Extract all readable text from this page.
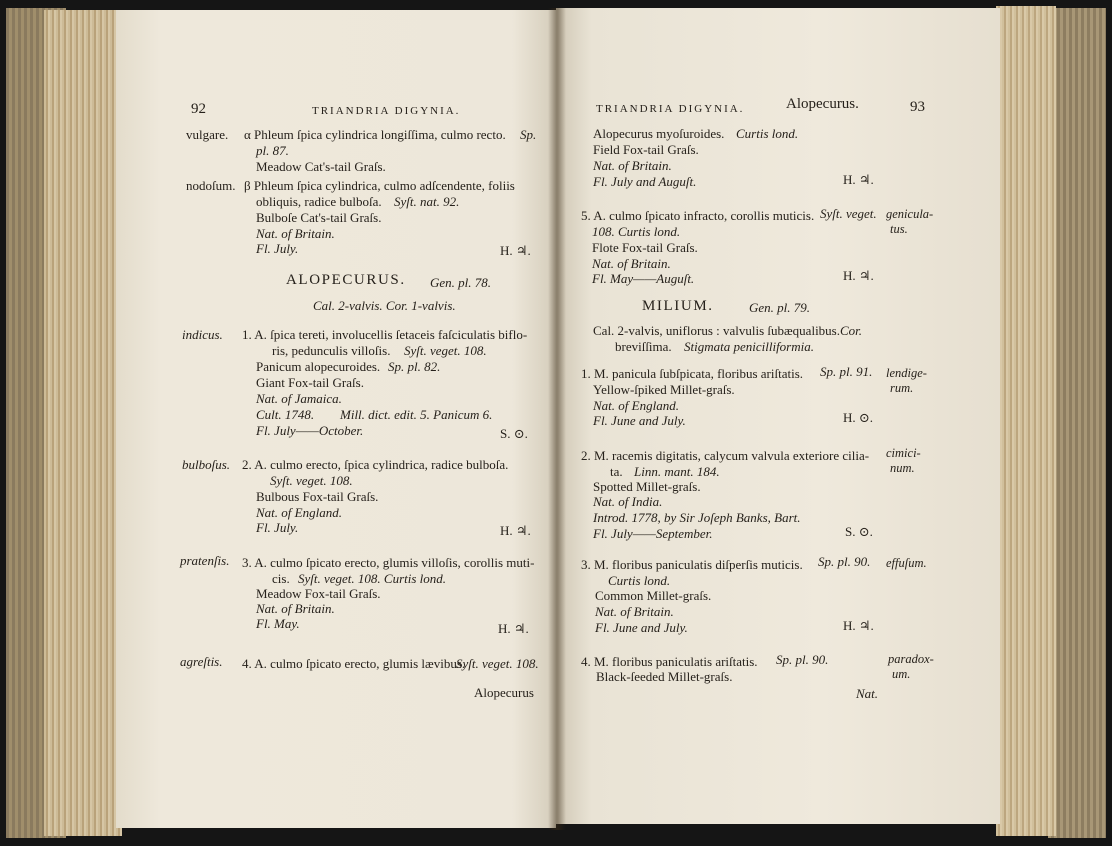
92	TRIANDRIA DIGYNIA.
vulgare. α Phleum ſpica cylindrica longiſſima, culmo recto. Sp.
pl. 87.
Meadow Cat's-tail Graſs.
nodoſum. β Phleum ſpica cylindrica, culmo adſcendente, foliis
obliquis, radice bulboſa. Syſt. nat. 92.
Bulboſe Cat's-tail Graſs.
Nat. of Britain.
Fl. July.	H. ♃.
ALOPECURUS. Gen. pl. 78.
Cal. 2-valvis. Cor. 1-valvis.
indicus. 1. A. ſpica tereti, involucellis ſetaceis faſciculatis biflo-
ris, pedunculis villoſis. Syſt. veget. 108.
Panicum alopecuroides. Sp. pl. 82.
Giant Fox-tail Graſs.
Nat. of Jamaica.
Cult. 1748. Mill. dict. edit. 5. Panicum 6.
Fl. July——October.	S. ⊙.
bulboſus. 2. A. culmo erecto, ſpica cylindrica, radice bulboſa.
Syſt. veget. 108.
Bulbous Fox-tail Graſs.
Nat. of England.
Fl. July.	H. ♃.
pratenſis. 3. A. culmo ſpicato erecto, glumis villoſis, corollis muti-
cis. Syſt. veget. 108. Curtis lond.
Meadow Fox-tail Graſs.
Nat. of Britain.
Fl. May.	H. ♃.
agreſtis. 4. A. culmo ſpicato erecto, glumis lævibus.
Syſt. veget. 108.
Alopecurus
TRIANDRIA DIGYNIA.	Alopecurus.	93
Alopecurus myoſuroides. Curtis lond.
Field Fox-tail Graſs.
Nat. of Britain.
Fl. July and Auguſt.	H. ♃.
5. A. culmo ſpicato infracto, corollis muticis. Syſt. veget.
108. Curtis lond.
Flote Fox-tail Graſs.
Nat. of Britain.
Fl. May——Auguſt.	H. ♃.
genicula-
tus.
MILIUM.	Gen. pl. 79.
Cal. 2-valvis, uniflorus : valvulis ſubæqualibus. Cor.
breviſſima. Stigmata penicilliformia.
1. M. panicula ſubſpicata, floribus ariſtatis. Sp. pl. 91.
Yellow-ſpiked Millet-graſs.
Nat. of England.
Fl. June and July.	H. ⊙.
lendige-
rum.
2. M. racemis digitatis, calycum valvula exteriore cilia-
ta. Linn. mant. 184.
Spotted Millet-graſs.
Nat. of India.
Introd. 1778, by Sir Joſeph Banks, Bart.
Fl. July——September.	S. ⊙.
cimici-
num.
3. M. floribus paniculatis diſperſis muticis. Sp. pl. 90.
Curtis lond.
Common Millet-graſs.
Nat. of Britain.
Fl. June and July.	H. ♃.
effuſum.
4. M. floribus paniculatis ariſtatis. Sp. pl. 90.
Black-ſeeded Millet-graſs.
paradox-
um.
Nat.
